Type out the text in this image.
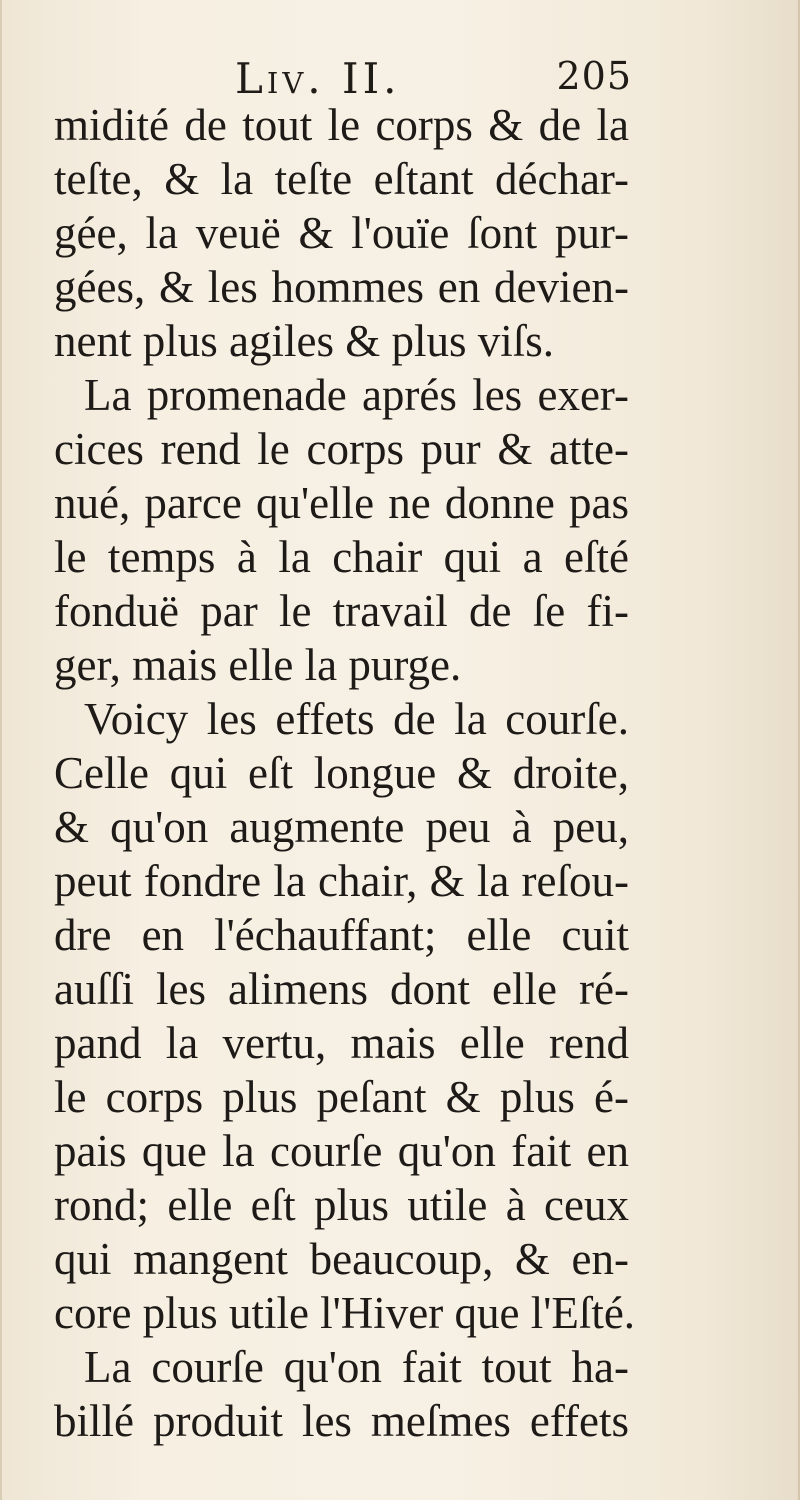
Liv. II.	205
midité de tout le corps & de la
teſte, & la teſte eſtant déchar-
gée, la veuë & l'ouïe ſont pur-
gées, & les hommes en devien-
nent plus agiles & plus viſs.
La promenade aprés les exer-
cices rend le corps pur & atte-
nué, parce qu'elle ne donne pas
le temps à la chair qui a eſté
fonduë par le travail de ſe fi-
ger, mais elle la purge.
Voicy les effets de la courſe.
Celle qui eſt longue & droite,
& qu'on augmente peu à peu,
peut fondre la chair, & la reſou-
dre en l'échauffant; elle cuit
auſſi les alimens dont elle ré-
pand la vertu, mais elle rend
le corps plus peſant & plus é-
pais que la courſe qu'on fait en
rond; elle eſt plus utile à ceux
qui mangent beaucoup, & en-
core plus utile l'Hiver que l'Eſté.
La courſe qu'on fait tout ha-
billé produit les meſmes effets
